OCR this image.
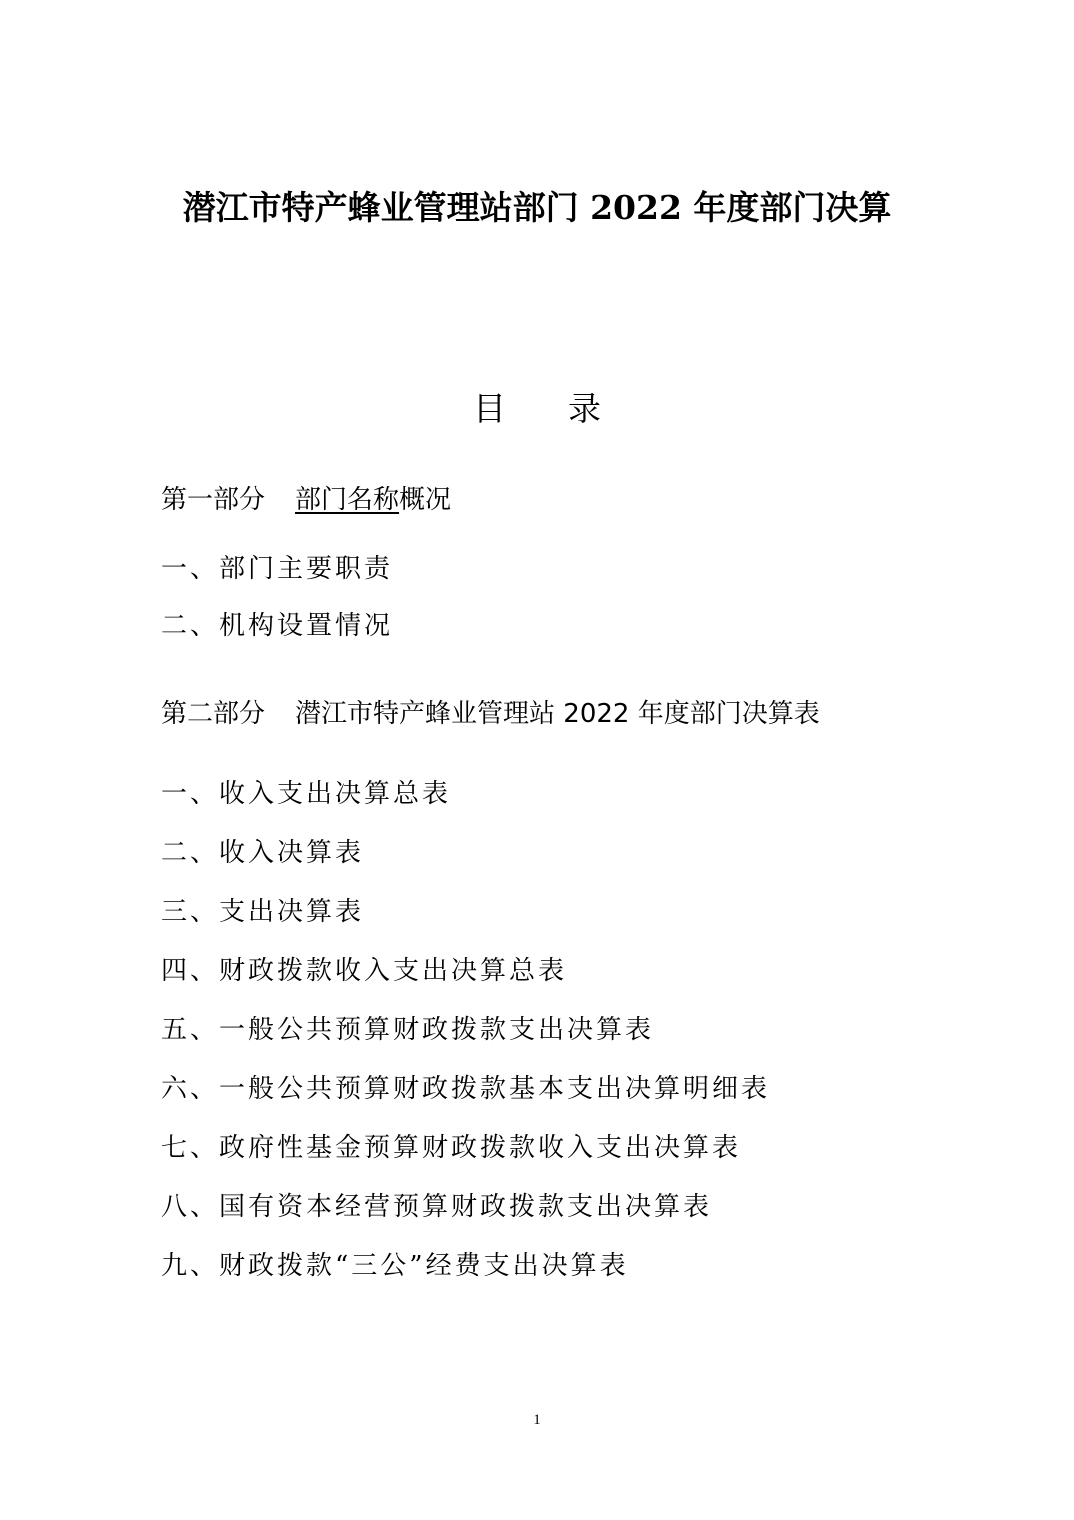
潜江市特产蜂业管理站部门 2022 年度部门决算
目 录
第一部分 部门名称概况
一、部门主要职责
二、机构设置情况
第二部分 潜江市特产蜂业管理站 2022 年度部门决算表
一、收入支出决算总表
二、收入决算表
三、支出决算表
四、财政拨款收入支出决算总表
五、一般公共预算财政拨款支出决算表
六、一般公共预算财政拨款基本支出决算明细表
七、政府性基金预算财政拨款收入支出决算表
八、国有资本经营预算财政拨款支出决算表
九、财政拨款“三公”经费支出决算表
1
